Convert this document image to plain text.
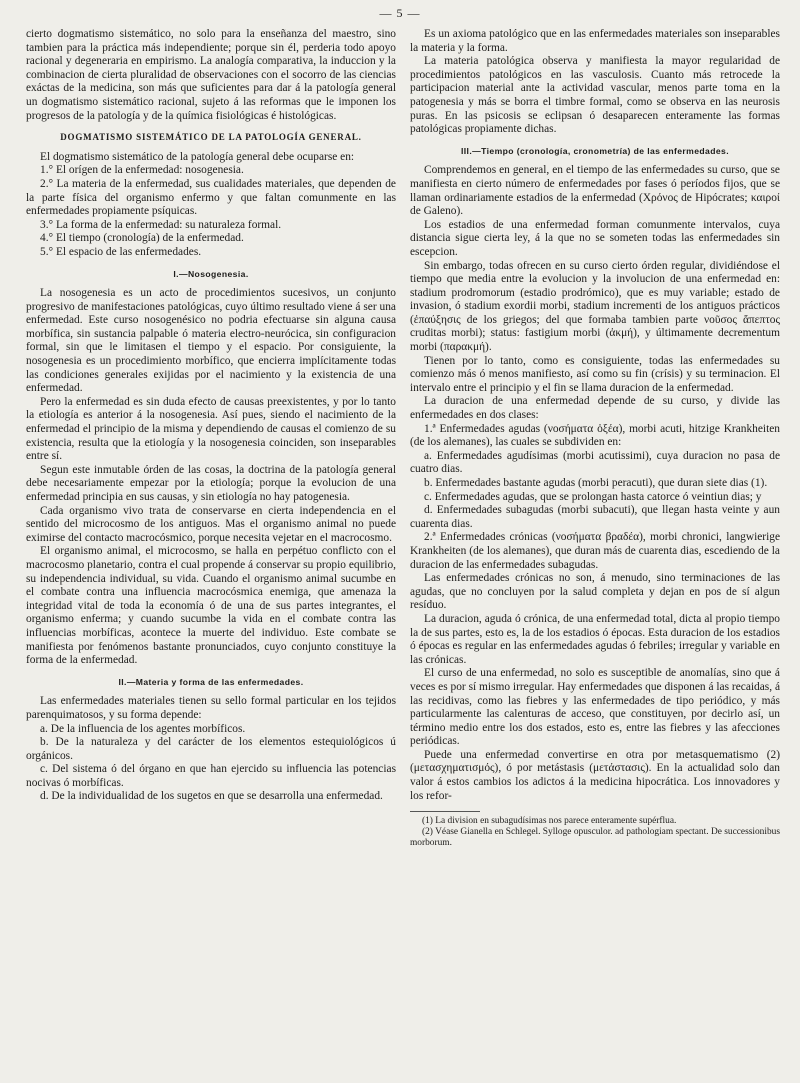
— 5 —

cierto dogmatismo sistemático, no solo para la enseñanza del maestro, sino tambien para la práctica más independiente; porque sin él, perderia todo apoyo racional y degeneraria en empirismo. La analogía comparativa, la induccion y la combinacion de cierta pluralidad de observaciones con el socorro de las ciencias exáctas de la medicina, son más que suficientes para dar á la patología general un dogmatismo sistemático racional, sujeto á las reformas que le imponen los progresos de la patología y de la química fisiológicas é histológicas.

DOGMATISMO SISTEMÁTICO DE LA PATOLOGÍA GENERAL.

El dogmatismo sistemático de la patología general debe ocuparse en:

1.° El orígen de la enfermedad: nosogenesia.

2.° La materia de la enfermedad, sus cualidades materiales, que dependen de la parte física del organismo enfermo y que faltan comunmente en las enfermedades propiamente psíquicas.

3.° La forma de la enfermedad: su naturaleza formal.

4.° El tiempo (cronología) de la enfermedad.

5.° El espacio de las enfermedades.

I.—Nosogenesia.

La nosogenesia es un acto de procedimientos sucesivos, un conjunto progresivo de manifestaciones patológicas, cuyo último resultado viene á ser una enfermedad. Este curso nosogenésico no podria efectuarse sin alguna causa morbífica, sin sustancia palpable ó materia electro-neurócica, sin configuracion formal, sin que le limitasen el tiempo y el espacio. Por consiguiente, la nosogenesia es un procedimiento morbífico, que encierra implícitamente todas las condiciones generales exijidas por el nacimiento y la existencia de una enfermedad.

Pero la enfermedad es sin duda efecto de causas preexistentes, y por lo tanto la etiología es anterior á la nosogenesia. Así pues, siendo el nacimiento de la enfermedad el principio de la misma y dependiendo de causas el comienzo de su existencia, resulta que la etiología y la nosogenesia coinciden, son inseparables entre sí.

Segun este inmutable órden de las cosas, la doctrina de la patología general debe necesariamente empezar por la etiología; porque la evolucion de una enfermedad principia en sus causas, y sin etiología no hay patogenesia.

Cada organismo vivo trata de conservarse en cierta independencia en el sentido del microcosmo de los antiguos. Mas el organismo animal no puede eximirse del contacto macrocósmico, porque necesita vejetar en el macrocosmo.

El organismo animal, el microcosmo, se halla en perpétuo conflicto con el macrocosmo planetario, contra el cual propende á conservar su propio equilibrio, su independencia individual, su vida. Cuando el organismo animal sucumbe en el combate contra una influencia macrocósmica enemiga, que amenaza la integridad vital de toda la economía ó de una de sus partes integrantes, el organismo enferma; y cuando sucumbe la vida en el combate contra las influencias morbíficas, acontece la muerte del individuo. Este combate se manifiesta por fenómenos bastante pronunciados, cuyo conjunto constituye la forma de la enfermedad.

II.—Materia y forma de las enfermedades.

Las enfermedades materiales tienen su sello formal particular en los tejidos parenquimatosos, y su forma depende:

a. De la influencia de los agentes morbíficos.

b. De la naturaleza y del carácter de los elementos estequiológicos ú orgánicos.

c. Del sistema ó del órgano en que han ejercido su influencia las potencias nocivas ó morbíficas.

d. De la individualidad de los sugetos en que se desarrolla una enfermedad.

Es un axioma patológico que en las enfermedades materiales son inseparables la materia y la forma.

La materia patológica observa y manifiesta la mayor regularidad de procedimientos patológicos en las vasculosis. Cuanto más retrocede la participacion material ante la actividad vascular, menos parte toma en la patogenesia y más se borra el timbre formal, como se observa en las neurosis puras. En las psicosis se eclipsan ó desaparecen enteramente las formas patológicas propiamente dichas.

III.—Tiempo (cronología, cronometría) de las enfermedades.

Comprendemos en general, en el tiempo de las enfermedades su curso, que se manifiesta en cierto número de enfermedades por fases ó períodos fijos, que se llaman ordinariamente estadios de la enfermedad (Χρόνος de Hipócrates; καιροί de Galeno).

Los estadios de una enfermedad forman comunmente intervalos, cuya distancia sigue cierta ley, á la que no se someten todas las enfermedades sin escepcion.

Sin embargo, todas ofrecen en su curso cierto órden regular, dividiéndose el tiempo que media entre la evolucion y la involucion de una enfermedad en: stadium prodromorum (estadio prodrómico), que es muy variable; estado de invasion, ó stadium exordii morbi, stadium incrementi de los antiguos prácticos (ἐπαύξησις de los griegos; del que formaba tambien parte νοῦσος ἄπεπτος cruditas morbi); status: fastigium morbi (ἀκμή), y últimamente decrementum morbi (παρακμή).

Tienen por lo tanto, como es consiguiente, todas las enfermedades su comienzo más ó menos manifiesto, así como su fin (crísis) y su terminacion. El intervalo entre el principio y el fin se llama duracion de la enfermedad.

La duracion de una enfermedad depende de su curso, y divide las enfermedades en dos clases:

1.ª Enfermedades agudas (νοσήματα ὀξέα), morbi acuti, hitzige Krankheiten (de los alemanes), las cuales se subdividen en:

a. Enfermedades agudísimas (morbi acutissimi), cuya duracion no pasa de cuatro dias.

b. Enfermedades bastante agudas (morbi peracuti), que duran siete dias (1).

c. Enfermedades agudas, que se prolongan hasta catorce ó veintiun dias; y

d. Enfermedades subagudas (morbi subacuti), que llegan hasta veinte y aun cuarenta dias.

2.ª Enfermedades crónicas (νοσήματα βραδέα), morbi chronici, langwierige Krankheiten (de los alemanes), que duran más de cuarenta dias, escediendo de la duracion de las enfermedades subagudas.

Las enfermedades crónicas no son, á menudo, sino terminaciones de las agudas, que no concluyen por la salud completa y dejan en pos de sí algun resíduo.

La duracion, aguda ó crónica, de una enfermedad total, dicta al propio tiempo la de sus partes, esto es, la de los estadios ó épocas. Esta duracion de los estadios ó épocas es regular en las enfermedades agudas ó febriles; irregular y variable en las crónicas.

El curso de una enfermedad, no solo es susceptible de anomalías, sino que á veces es por sí mismo irregular. Hay enfermedades que disponen á las recaidas, á las recidivas, como las fiebres y las enfermedades de tipo periódico, y más particularmente las calenturas de acceso, que constituyen, por decirlo así, un término medio entre los dos estados, esto es, entre las fiebres y las afecciones periódicas.

Puede una enfermedad convertirse en otra por metasquematismo (2) (μετασχηματισμός), ó por metástasis (μετάστασις). En la actualidad solo dan valor á estos cambios los adictos á la medicina hipocrática. Los innovadores y los refor-

(1) La division en subagudísimas nos parece enteramente supérflua.

(2) Véase Gianella en Schlegel. Sylloge opusculor. ad pathologiam spectant. De successionibus morborum.
